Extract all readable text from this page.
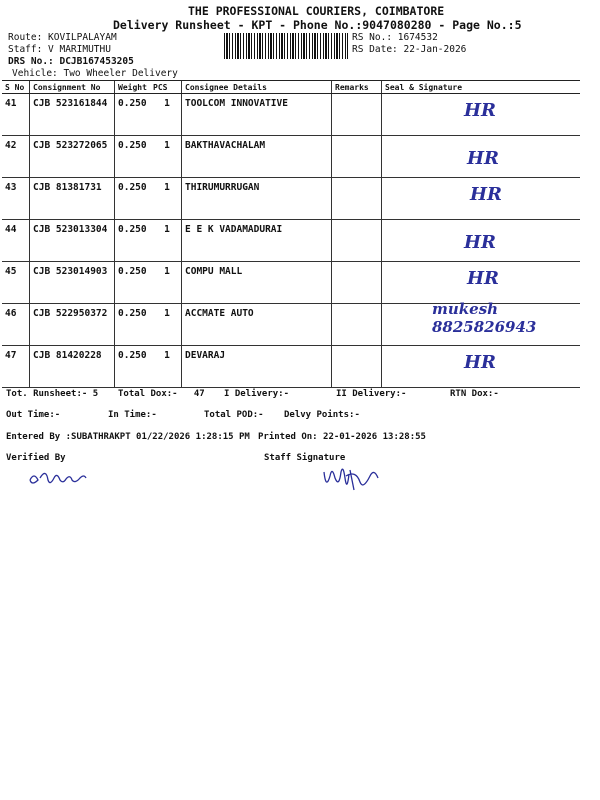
THE PROFESSIONAL COURIERS, COIMBATORE
Delivery Runsheet - KPT - Phone No.:9047080280 - Page No.:5
Route: KOVILPALAYAM
Staff: V MARIMUTHU
DRS No.: DCJB167453205
Vehicle: Two Wheeler Delivery
RS No.: 1674532
RS Date: 22-Jan-2026
S No	Consignment No	Weight	PCS	Consignee Details	Remarks	Seal & Signature
41	CJB 523161844	0.250	1	TOOLCOM INNOVATIVE		HR

42	CJB 523272065	0.250	1	BAKTHAVACHALAM		HR

43	CJB 81381731	0.250	1	THIRUMURRUGAN		HR

44	CJB 523013304	0.250	1	E E K VADAMADURAI		HR

45	CJB 523014903	0.250	1	COMPU MALL		HR

46	CJB 522950372	0.250	1	ACCMATE AUTO		mukesh 8825826943

47	CJB 81420228	0.250	1	DEVARAJ		HR
Tot. Runsheet:- 5 Total Dox:-   47 I Delivery:-	II Delivery:-	RTN Dox:-
Out Time:-	In Time:-	Total POD:- Delvy Points:-
Entered By :SUBATHRAKPT 01/22/2026 1:28:15 PM Printed On: 22-01-2026 13:28:55
Verified By	Staff Signature
